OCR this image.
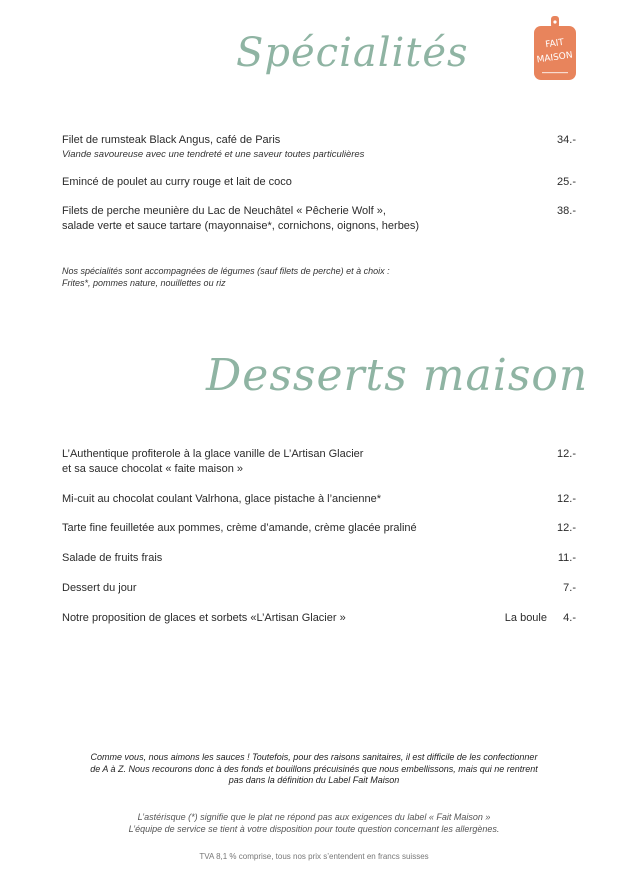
Spécialités	FAIT
MAISON
Filet de rumsteak Black Angus, café de Paris
Viande savoureuse avec une tendreté et une saveur toutes particulières
34.-
Emincé de poulet au curry rouge et lait de coco	25.-
Filets de perche meunière du Lac de Neuchâtel « Pêcherie Wolf »,
salade verte et sauce tartare (mayonnaise*, cornichons, oignons, herbes)
38.-
Nos spécialités sont accompagnées de légumes (sauf filets de perche) et à choix :
Frites*, pommes nature, nouillettes ou riz
Desserts maison
L’Authentique profiterole à la glace vanille de L’Artisan Glacier
et sa sauce chocolat « faite maison »
12.-
Mi-cuit au chocolat coulant Valrhona, glace pistache à l’ancienne*	12.-
Tarte fine feuilletée aux pommes, crème d’amande, crème glacée praliné	12.-
Salade de fruits frais	11.-
Dessert du jour	7.-
Notre proposition de glaces et sorbets «L’Artisan Glacier »	La boule 4.-
Comme vous, nous aimons les sauces ! Toutefois, pour des raisons sanitaires, il est difficile de les confectionner
de A à Z. Nous recourons donc à des fonds et bouillons précuisinés que nous embellissons, mais qui ne rentrent
pas dans la définition du Label Fait Maison
L’astérisque (*) signifie que le plat ne répond pas aux exigences du label « Fait Maison »
L’équipe de service se tient à votre disposition pour toute question concernant les allergènes.
TVA 8,1 % comprise, tous nos prix s’entendent en francs suisses
